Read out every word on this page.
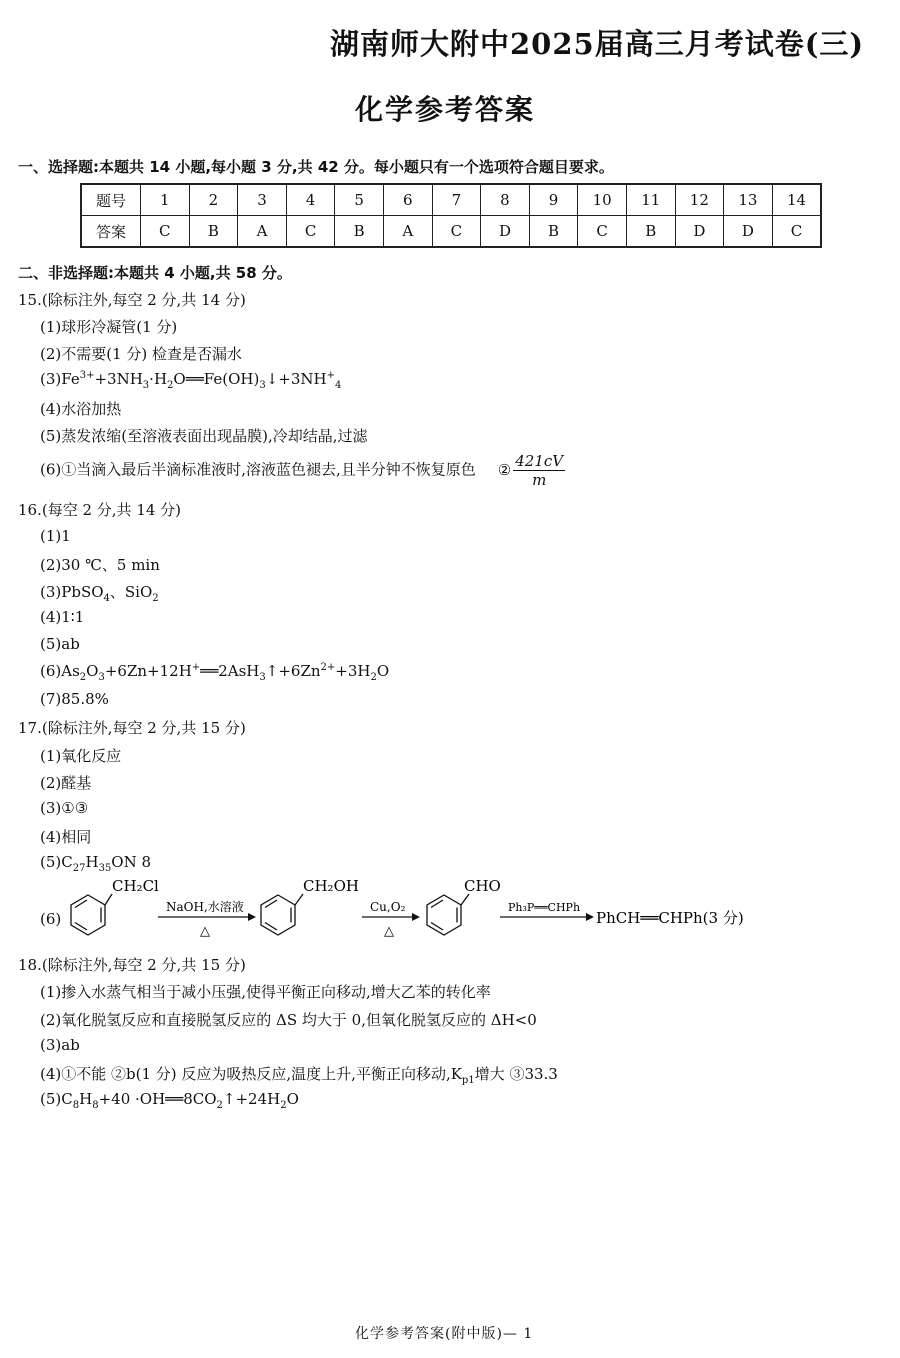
湖南师大附中2025届高三月考试卷(三)
化学参考答案
一、选择题:本题共 14 小题,每小题 3 分,共 42 分。每小题只有一个选项符合题目要求。
题号	1	2	3	4	5	6	7	8	9	10	11	12	13	14
答案	C	B	A	C	B	A	C	D	B	C	B	D	D	C
二、非选择题:本题共 4 小题,共 58 分。
15.(除标注外,每空 2 分,共 14 分)
(1)球形冷凝管(1 分)
(2)不需要(1 分) 检查是否漏水
$(3)Fe^{3+}+3NH_3\cdot H_2O══Fe(OH)_3↓+3NH^+_4$
(4)水浴加热
(5)蒸发浓缩(至溶液表面出现晶膜),冷却结晶,过滤
(6)①当滴入最后半滴标准液时,溶液蓝色褪去,且半分钟不恢复原色 ② $\frac{421cV}{m}$
16.(每空 2 分,共 14 分)
(1)1
(2)30 ℃、5 min
(3)PbSO$_4$、SiO$_2$
(4)1∶1
(5)ab
$(6)As_2O_3+6Zn+12H^+══2AsH_3↑+6Zn^{2+}+3H_2O$
(7)85.8%
17.(除标注外,每空 2 分,共 15 分)
(1)氧化反应
(2)醛基
(3)①③
(4)相同
$(5)C_{27}H_{35}ON$ 8
(6)
CH₂Cl
NaOH,水溶液
△
CH₂OH
Cu,O₂
△
CHO
Ph₃P══CHPh
PhCH══CHPh(3 分)
18.(除标注外,每空 2 分,共 15 分)
(1)掺入水蒸气相当于减小压强,使得平衡正向移动,增大乙苯的转化率
(2)氧化脱氢反应和直接脱氢反应的 ΔS 均大于 0,但氧化脱氢反应的 ΔH<0
(3)ab
(4)①不能 ②b(1 分) 反应为吸热反应,温度上升,平衡正向移动$,K_{p1}$增大 ③33.3
$(5)C_8H_8+40$ $\cdot OH══8CO_2↑+24H_2O$
化学参考答案(附中版)— 1
